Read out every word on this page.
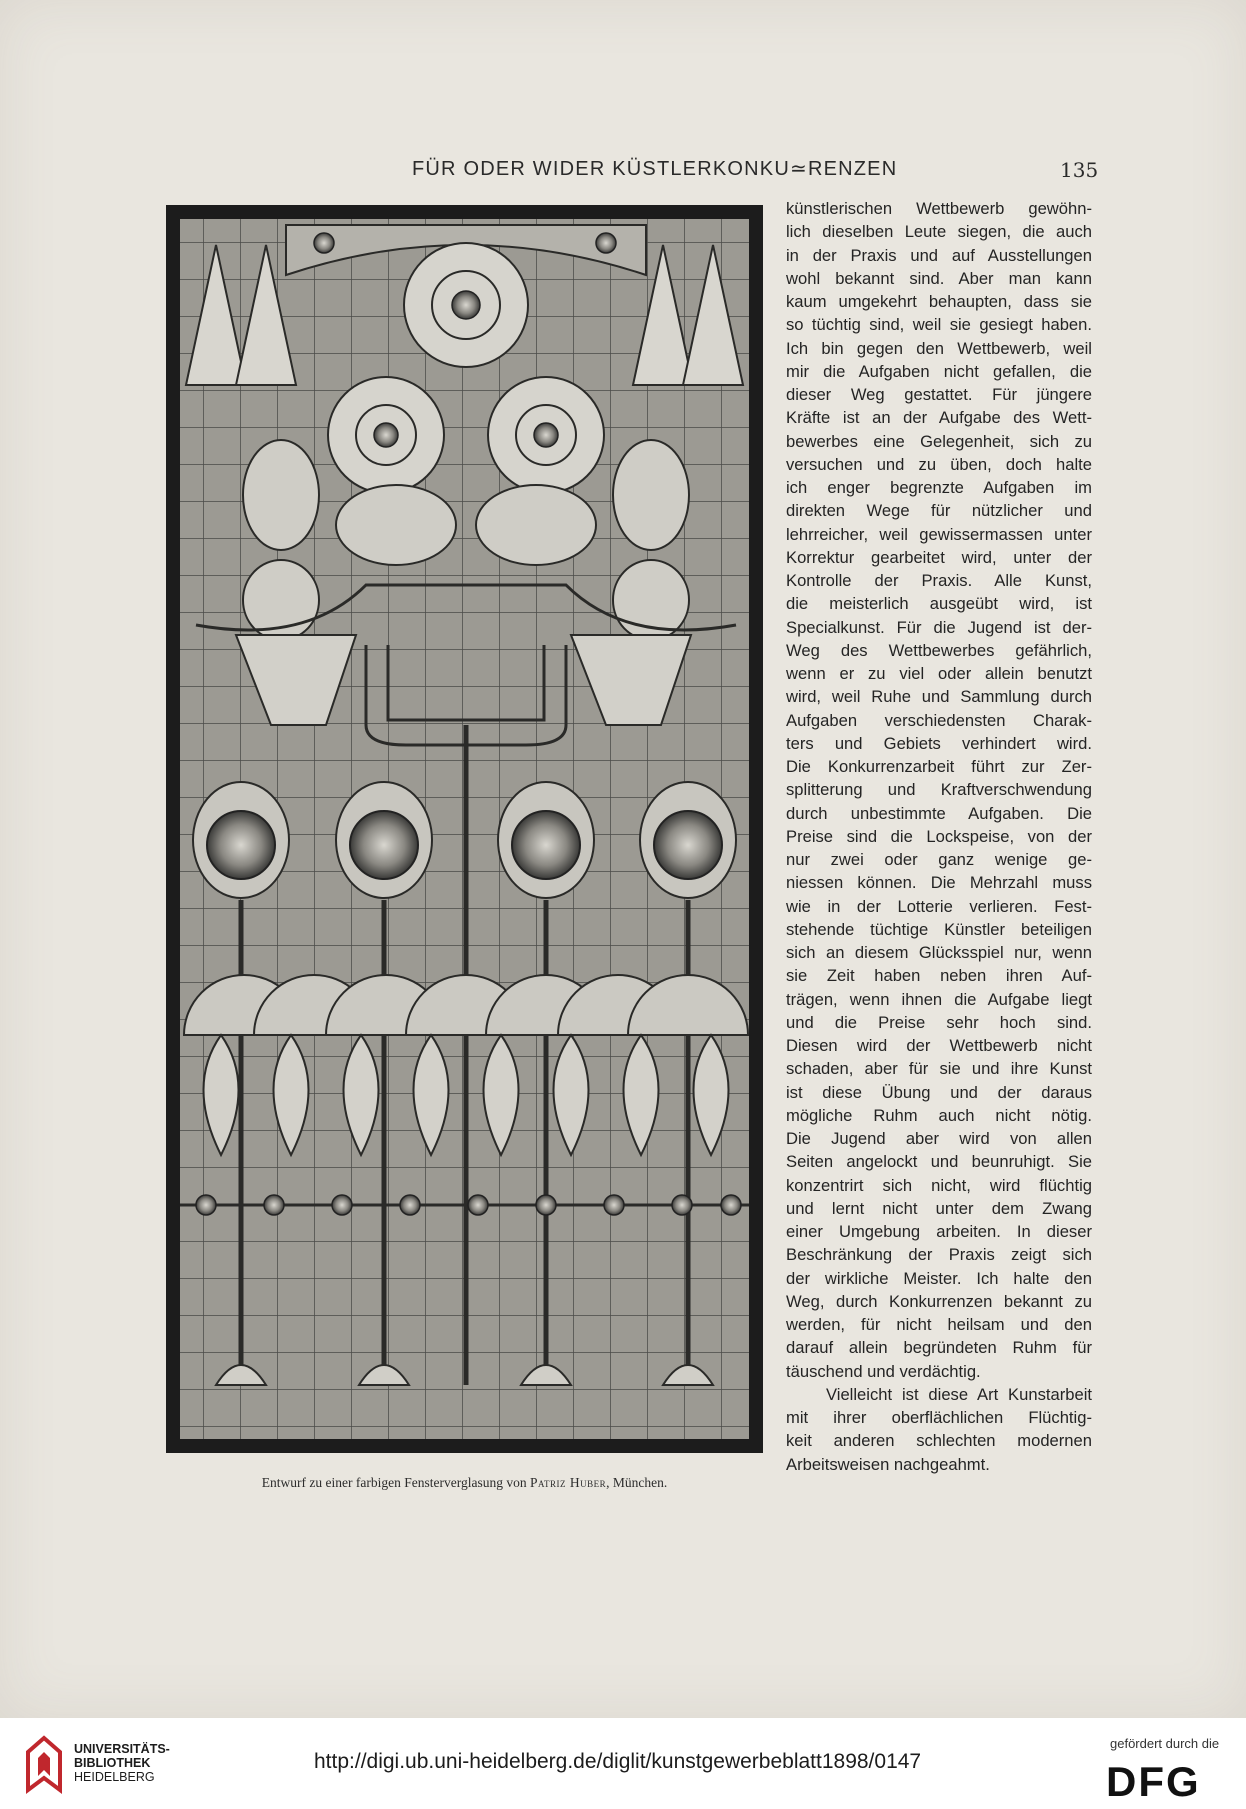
FÜR ODER WIDER KÜSTLERKONKU≃RENZEN	135
Entwurf zu einer farbigen Fensterverglasung von Patriz Huber, München.
künstlerischen Wettbewerb gewöhn-
lich dieselben Leute siegen, die auch
in der Praxis und auf Ausstellungen
wohl bekannt sind. Aber man kann
kaum umgekehrt behaupten, dass sie
so tüchtig sind, weil sie gesiegt haben.
Ich bin gegen den Wettbewerb, weil
mir die Aufgaben nicht gefallen, die
dieser Weg gestattet. Für jüngere
Kräfte ist an der Aufgabe des Wett-
bewerbes eine Gelegenheit, sich zu
versuchen und zu üben, doch halte
ich enger begrenzte Aufgaben im
direkten Wege für nützlicher und
lehrreicher, weil gewissermassen unter
Korrektur gearbeitet wird, unter der
Kontrolle der Praxis. Alle Kunst,
die meisterlich ausgeübt wird, ist
Specialkunst. Für die Jugend ist der-
Weg des Wettbewerbes gefährlich,
wenn er zu viel oder allein benutzt
wird, weil Ruhe und Sammlung durch
Aufgaben verschiedensten Charak-
ters und Gebiets verhindert wird.
Die Konkurrenzarbeit führt zur Zer-
splitterung und Kraftverschwendung
durch unbestimmte Aufgaben. Die
Preise sind die Lockspeise, von der
nur zwei oder ganz wenige ge-
niessen können. Die Mehrzahl muss
wie in der Lotterie verlieren. Fest-
stehende tüchtige Künstler beteiligen
sich an diesem Glücksspiel nur, wenn
sie Zeit haben neben ihren Auf-
trägen, wenn ihnen die Aufgabe liegt
und die Preise sehr hoch sind.
Diesen wird der Wettbewerb nicht
schaden, aber für sie und ihre Kunst
ist diese Übung und der daraus
mögliche Ruhm auch nicht nötig.
Die Jugend aber wird von allen
Seiten angelockt und beunruhigt. Sie
konzentrirt sich nicht, wird flüchtig
und lernt nicht unter dem Zwang
einer Umgebung arbeiten. In dieser
Beschränkung der Praxis zeigt sich
der wirkliche Meister. Ich halte den
Weg, durch Konkurrenzen bekannt zu
werden, für nicht heilsam und den
darauf allein begründeten Ruhm für
täuschend und verdächtig.
Vielleicht ist diese Art Kunstarbeit
mit ihrer oberflächlichen Flüchtig-
keit anderen schlechten modernen
Arbeitsweisen nachgeahmt.
UNIVERSITÄTS-
BIBLIOTHEK
HEIDELBERG
http://digi.ub.uni-heidelberg.de/diglit/kunstgewerbeblatt1898/0147
gefördert durch die
DFG
